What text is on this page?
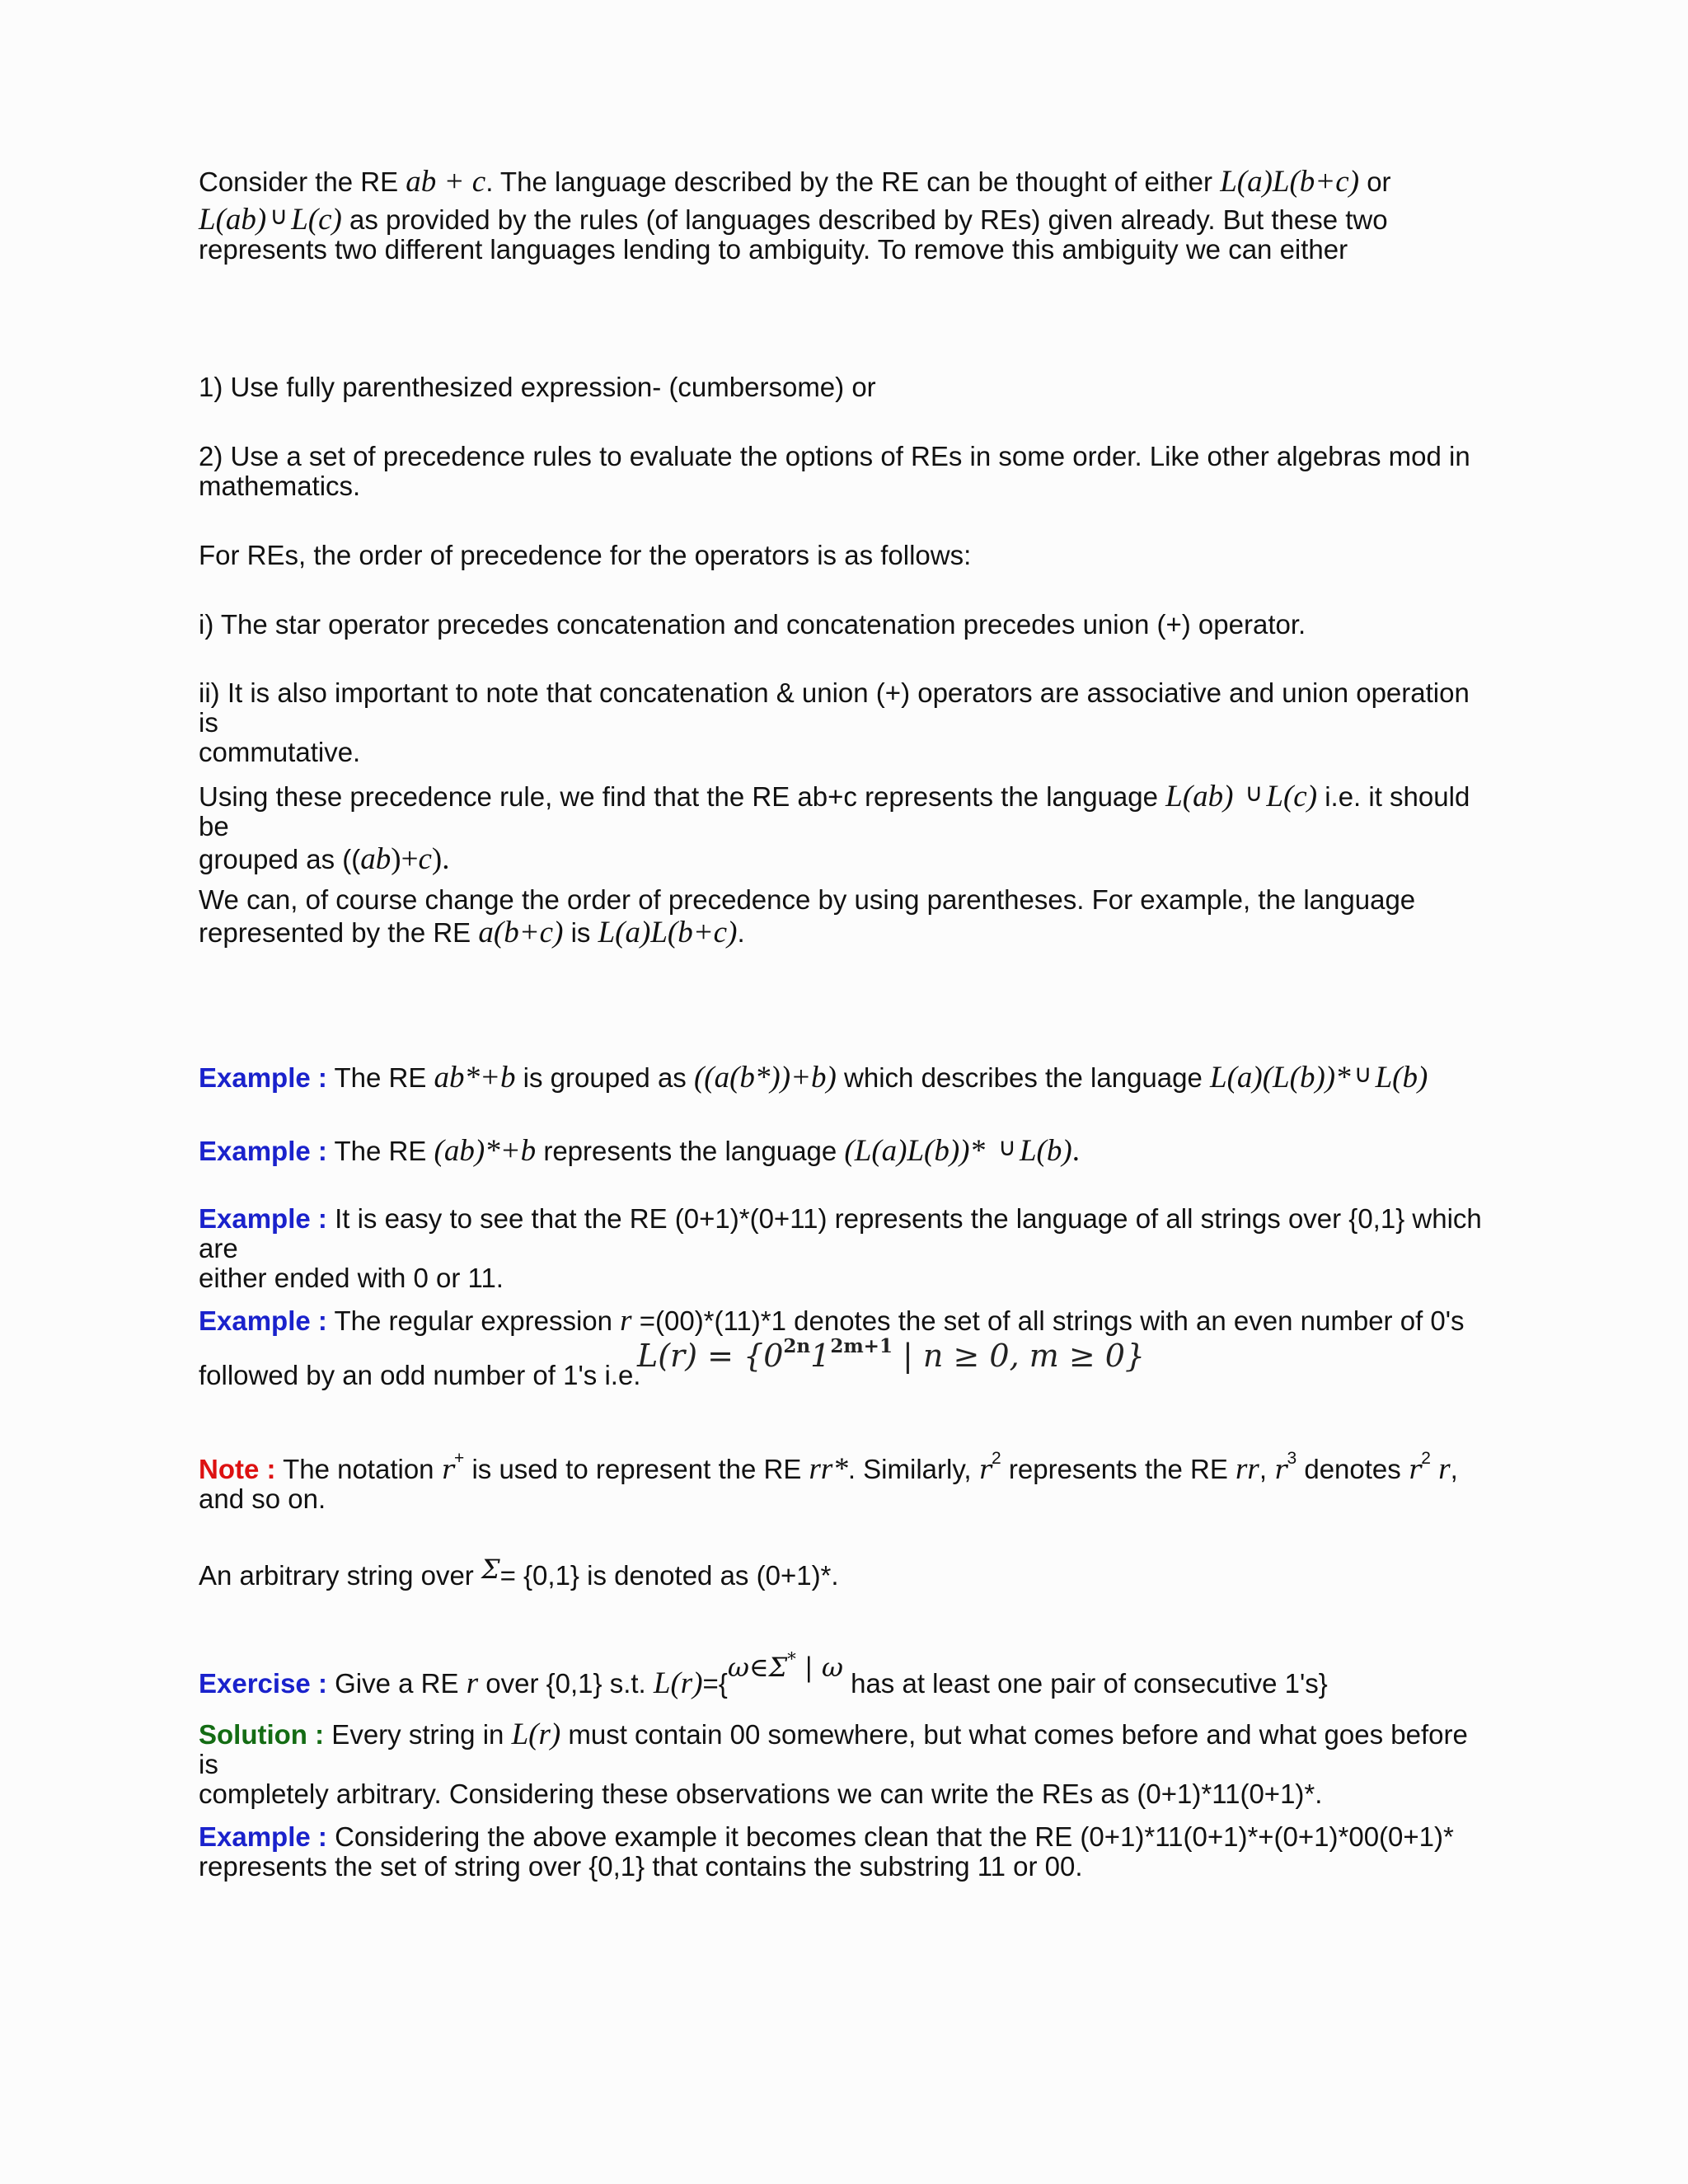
Consider the RE ab + c. The language described by the RE can be thought of either L(a)L(b+c) or
L(ab) ∪ L(c) as provided by the rules (of languages described by REs) given already. But these two
represents two different languages lending to ambiguity. To remove this ambiguity we can either
1) Use fully parenthesized expression- (cumbersome) or
2) Use a set of precedence rules to evaluate the options of REs in some order. Like other algebras mod in
mathematics.
For REs, the order of precedence for the operators is as follows:
i) The star operator precedes concatenation and concatenation precedes union (+) operator.
ii) It is also important to note that concatenation & union (+) operators are associative and union operation is
commutative.
Using these precedence rule, we find that the RE ab+c represents the language L(ab) ∪ L(c) i.e. it should be
grouped as ((ab)+c).
We can, of course change the order of precedence by using parentheses. For example, the language
represented by the RE a(b+c) is L(a)L(b+c).
Example : The RE ab*+b is grouped as ((a(b*))+b) which describes the language L(a)(L(b))* ∪ L(b)
Example : The RE (ab)*+b represents the language (L(a)L(b))* ∪ L(b).
Example : It is easy to see that the RE (0+1)*(0+11) represents the language of all strings over {0,1} which are
either ended with 0 or 11.
Example : The regular expression r =(00)*(11)*1 denotes the set of all strings with an even number of 0's
followed by an odd number of 1's i.e.
$L(r) = \{0^{2n}1^{2m+1}$ | n ≥ 0, m ≥ 0}
Note : The notation r+ is used to represent the RE rr*. Similarly, $r^2$ represents the RE rr, $r^3$ denotes $r^2$ r,
and so on.
An arbitrary string over Σ= {0,1} is denoted as (0+1)*.
Exercise : Give a RE r over {0,1} s.t. L(r)={ω∈Σ* | ω has at least one pair of consecutive 1's}
Solution : Every string in L(r) must contain 00 somewhere, but what comes before and what goes before is
completely arbitrary. Considering these observations we can write the REs as (0+1)*11(0+1)*.
Example : Considering the above example it becomes clean that the RE (0+1)*11(0+1)*+(0+1)*00(0+1)*
represents the set of string over {0,1} that contains the substring 11 or 00.
